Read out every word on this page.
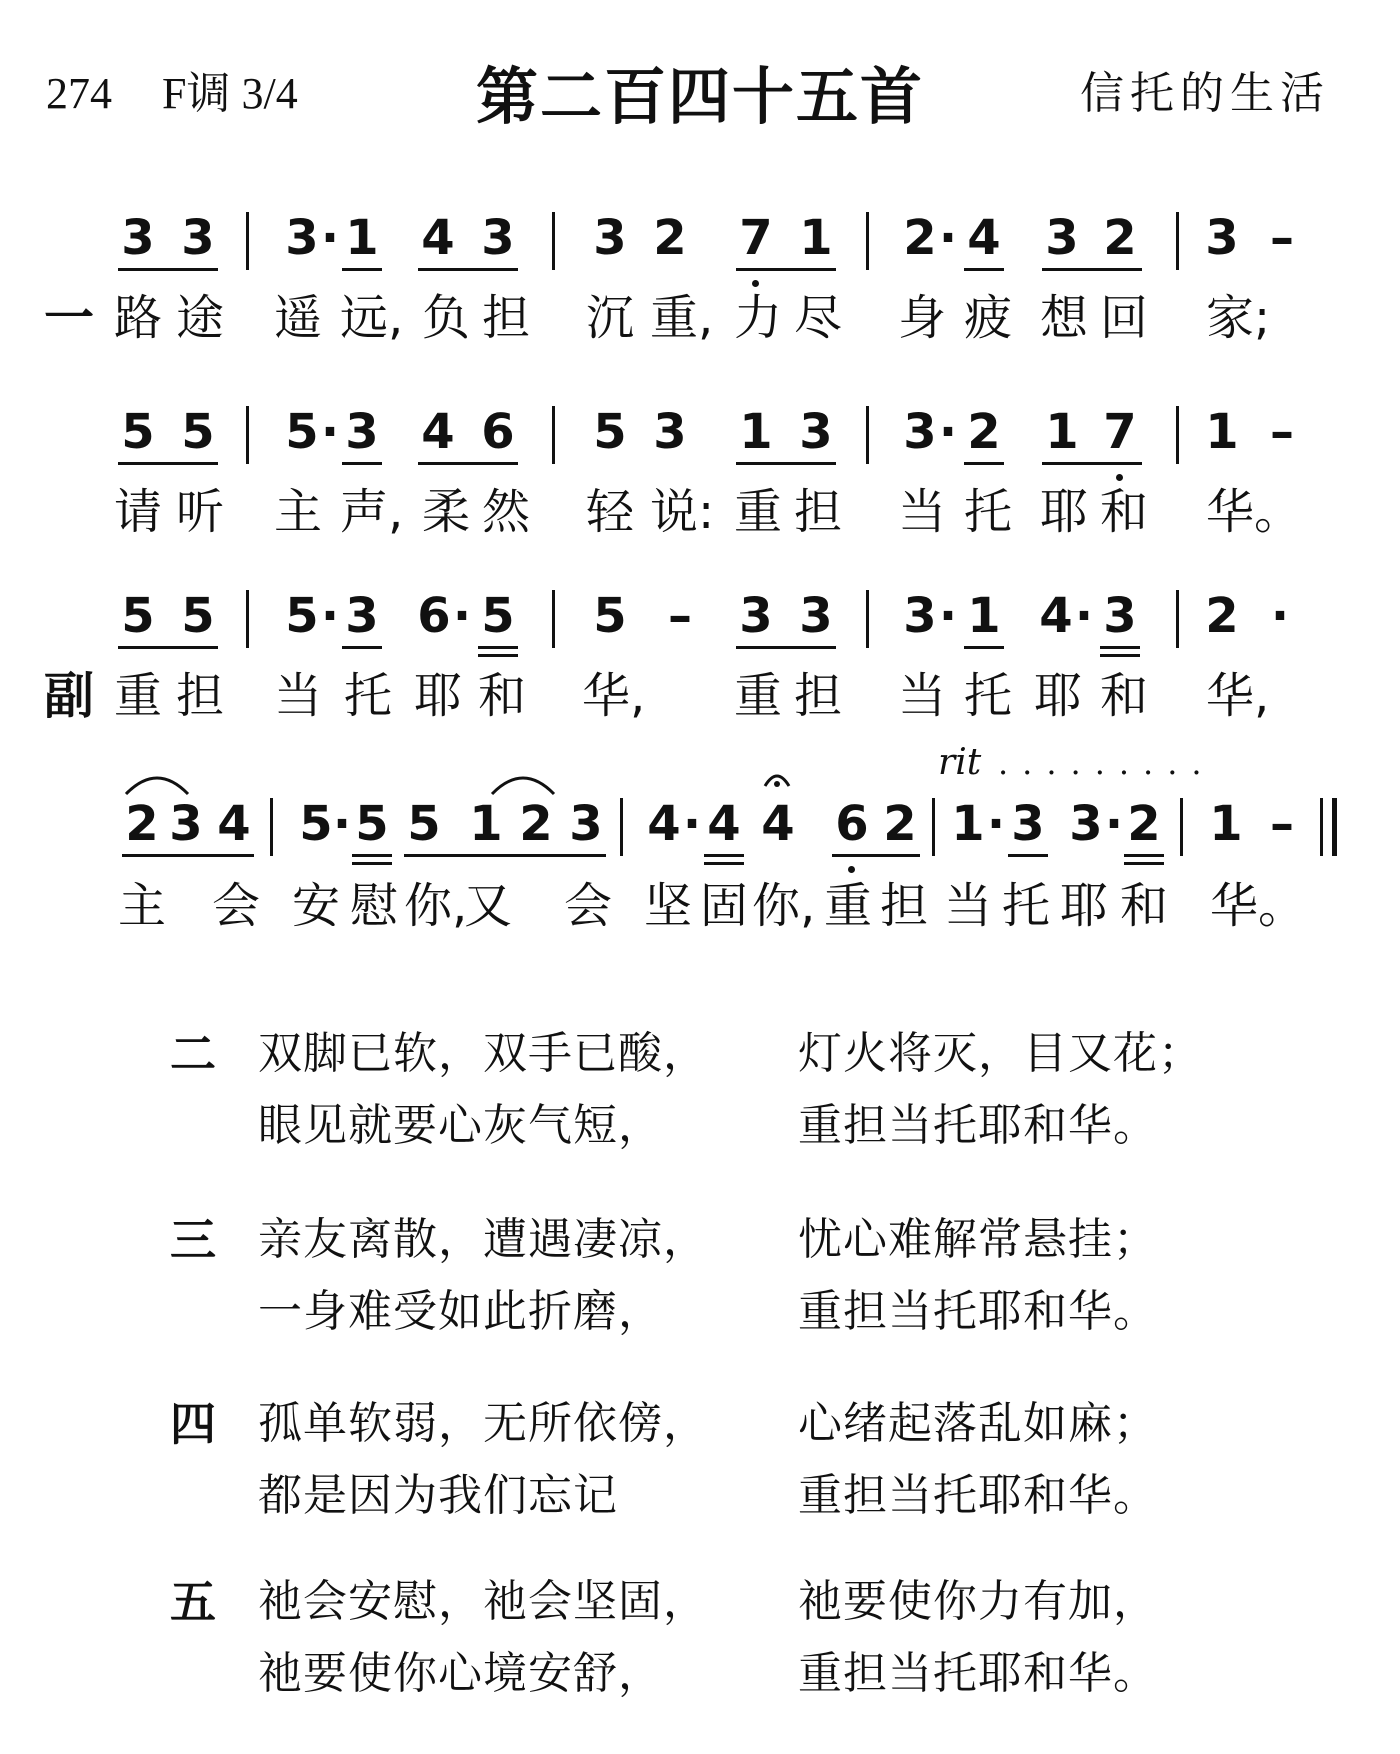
274 F调 3/4	第二百四十五首	信托的生活
3 3 3 · 1 4 3 3 2 7 1 2 · 4 3 2 3 –
一 路 途 遥 远, 负 担 沉 重, 力 尽 身 疲 想 回 家;
5 5 5 · 3 4 6 5 3 1 3 3 · 2 1 7 1 –
请 听 主 声, 柔 然 轻 说: 重 担 当 托 耶 和 华。
5 5 5 · 3 6 · 5 5 – 3 3 3 · 1 4 · 3 2 ·
副 重 担 当 托 耶 和 华, 重 担 当 托 耶 和 华,
rit .........
2 3 4 5 · 5 5 1 2 3 4 · 4 4 6 2 1 · 3 3 · 2 1 –
主 会 安 慰 你,
又 会 坚 固 你, 重 担 当 托 耶 和 华。
二 双脚已软，双手已酸， 灯火将灭，目又花；
眼见就要心灰气短，	重担当托耶和华。
三 亲友离散，遭遇凄凉， 忧心难解常悬挂；
一身难受如此折磨，	重担当托耶和华。
四 孤单软弱，无所依傍， 心绪起落乱如麻；
都是因为我们忘记	重担当托耶和华。
五 祂会安慰，祂会坚固， 祂要使你力有加，
祂要使你心境安舒，	重担当托耶和华。
